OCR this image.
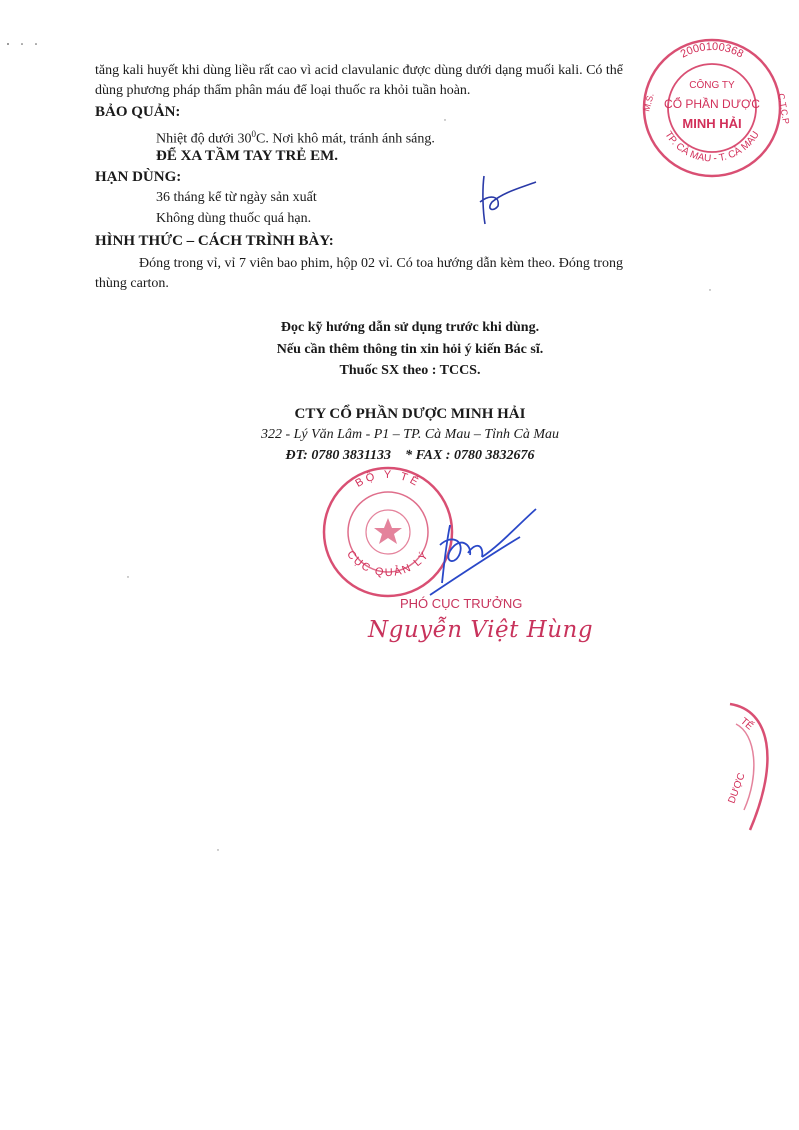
tăng kali huyết khi dùng liều rất cao vì acid clavulanic được dùng dưới dạng muối kali. Có thể
dùng phương pháp thẩm phân máu để loại thuốc ra khỏi tuần hoàn.
BẢO QUẢN:
Nhiệt độ dưới $30^0C$. Nơi khô mát, tránh ánh sáng.
ĐỂ XA TẦM TAY TRẺ EM.
HẠN DÙNG:
36 tháng kể từ ngày sản xuất
Không dùng thuốc quá hạn.
HÌNH THỨC – CÁCH TRÌNH BÀY:
Đóng trong vỉ, vỉ 7 viên bao phim, hộp 02 vỉ. Có toa hướng dẫn kèm theo. Đóng trong
thùng carton.
Đọc kỹ hướng dẫn sử dụng trước khi dùng.
Nếu cần thêm thông tin xin hỏi ý kiến Bác sĩ.
Thuốc SX theo : TCCS.
CTY CỔ PHẦN DƯỢC MINH HẢI
322 - Lý Văn Lâm - P1 – TP. Cà Mau – Tỉnh Cà Mau
ĐT: 0780 3831133 * FAX : 0780 3832676
2000100368
TP. CÀ MAU - T. CÀ MAU
M.S.	C.T.C.P
CÔNG TY
CỔ PHẦN DƯỢC
MINH HẢI
BỘ Y TẾ
CỤC QUẢN LÝ
PHÓ CỤC TRƯỞNG
Nguyễn Việt Hùng
TẾ
DƯỢC
